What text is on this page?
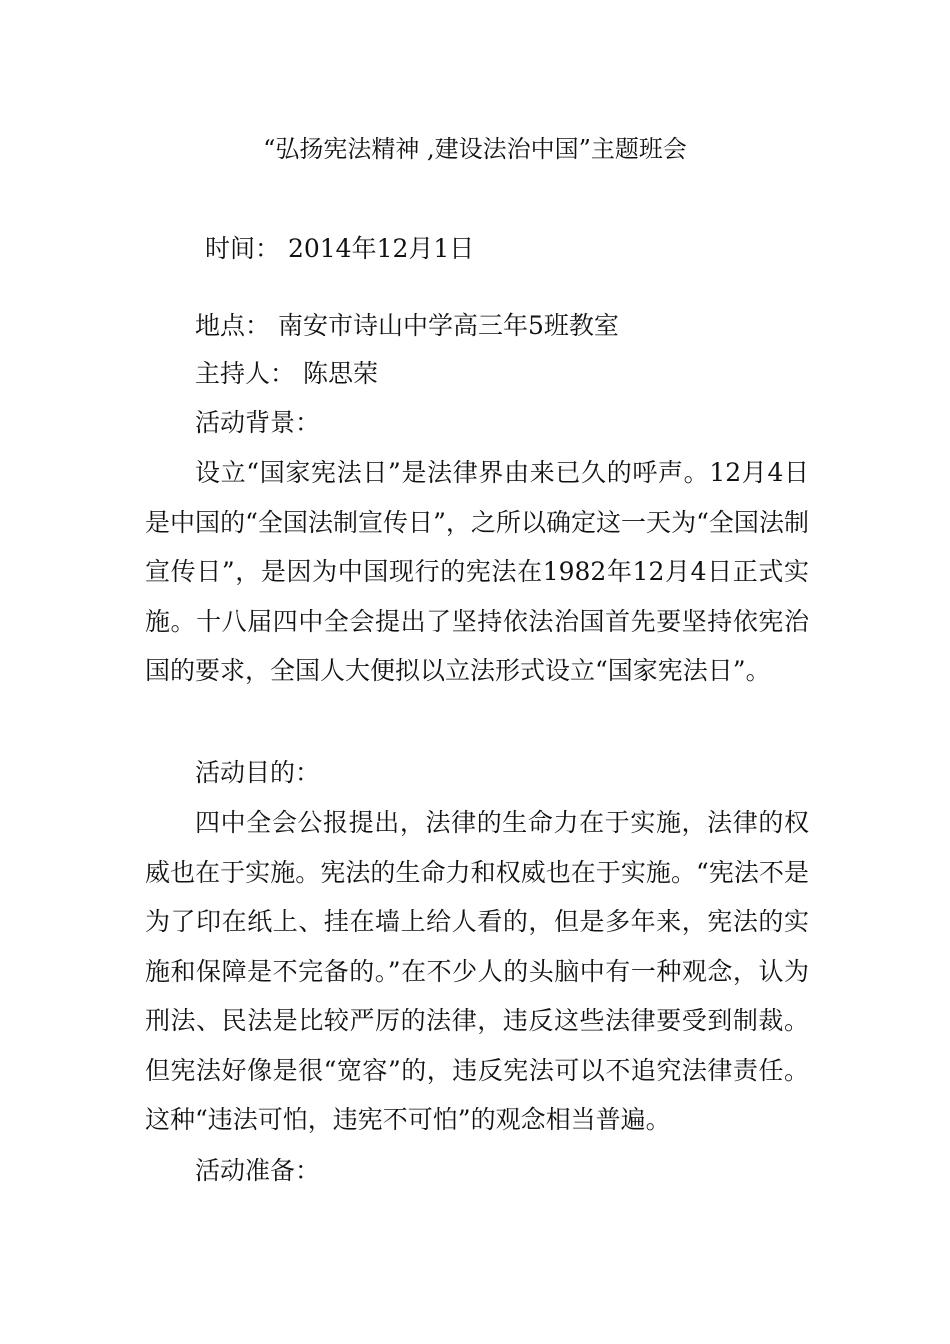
“弘扬宪法精神 ,建设法治中国”主题班会
时间： 2014年12月1日
地点： 南安市诗山中学高三年5班教室
主持人： 陈思荣
活动背景：
设立“国家宪法日”是法律界由来已久的呼声。12月4日是中国的“全国法制宣传日”，之所以确定这一天为“全国法制宣传日”，是因为中国现行的宪法在1982年12月4日正式实施。十八届四中全会提出了坚持依法治国首先要坚持依宪治国的要求，全国人大便拟以立法形式设立“国家宪法日”。
活动目的：
四中全会公报提出，法律的生命力在于实施，法律的权威也在于实施。宪法的生命力和权威也在于实施。“宪法不是为了印在纸上、挂在墙上给人看的，但是多年来，宪法的实施和保障是不完备的。”在不少人的头脑中有一种观念，认为刑法、民法是比较严厉的法律，违反这些法律要受到制裁。但宪法好像是很“宽容”的，违反宪法可以不追究法律责任。这种“违法可怕，违宪不可怕”的观念相当普遍。
活动准备：
